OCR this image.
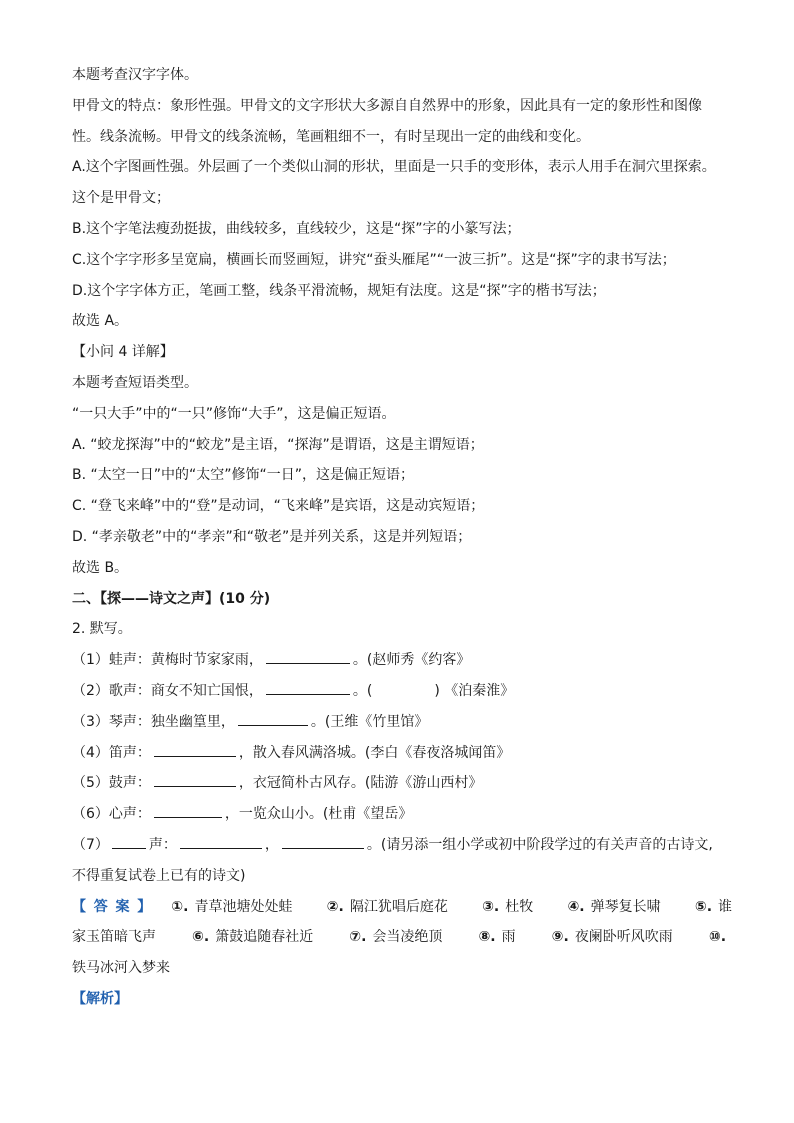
本题考查汉字字体。

甲骨文的特点：象形性强。甲骨文的文字形状大多源自自然界中的形象，因此具有一定的象形性和图像

性。线条流畅。甲骨文的线条流畅，笔画粗细不一，有时呈现出一定的曲线和变化。

A.这个字图画性强。外层画了一个类似山洞的形状，里面是一只手的变形体，表示人用手在洞穴里探索。

这个是甲骨文；

B.这个字笔法瘦劲挺拔，曲线较多，直线较少，这是“探”字的小篆写法；

C.这个字字形多呈宽扁，横画长而竖画短，讲究“蚕头雁尾”“一波三折”。这是“探”字的隶书写法；

D.这个字字体方正，笔画工整，线条平滑流畅，规矩有法度。这是“探”字的楷书写法；

故选 A。

【小问 4 详解】

本题考查短语类型。

“一只大手”中的“一只”修饰“大手”，这是偏正短语。

A. “蛟龙探海”中的“蛟龙”是主语，“探海”是谓语，这是主谓短语；

B. “太空一日”中的“太空”修饰“一日”，这是偏正短语；

C. “登飞来峰”中的“登”是动词，“飞来峰”是宾语，这是动宾短语；

D. “孝亲敬老”中的“孝亲”和“敬老”是并列关系，这是并列短语；

故选 B。

二、【探——诗文之声】(10 分)

2. 默写。

（1）蛙声：黄梅时节家家雨，	。(赵师秀《约客》

（2）歌声：商女不知亡国恨，	。(	) 《泊秦淮》

（3）琴声：独坐幽篁里，	。(王维《竹里馆》

（4）笛声：	，散入春风满洛城。(李白《春夜洛城闻笛》

（5）鼓声：	，衣冠简朴古风存。(陆游《游山西村》

（6）心声：	，一览众山小。(杜甫《望岳》

（7）	声：	，	。(请另添一组小学或初中阶段学过的有关声音的古诗文,

不得重复试卷上已有的诗文)

【答案】 ①. 青草池塘处处蛙 ②. 隔江犹唱后庭花 ③. 杜牧 ④. 弹琴复长啸 ⑤. 谁
家玉笛暗飞声	⑥. 箫鼓追随春社近	⑦. 会当凌绝顶	⑧. 雨	⑨. 夜阑卧听风吹雨	⑩.
铁马冰河入梦来

【解析】
